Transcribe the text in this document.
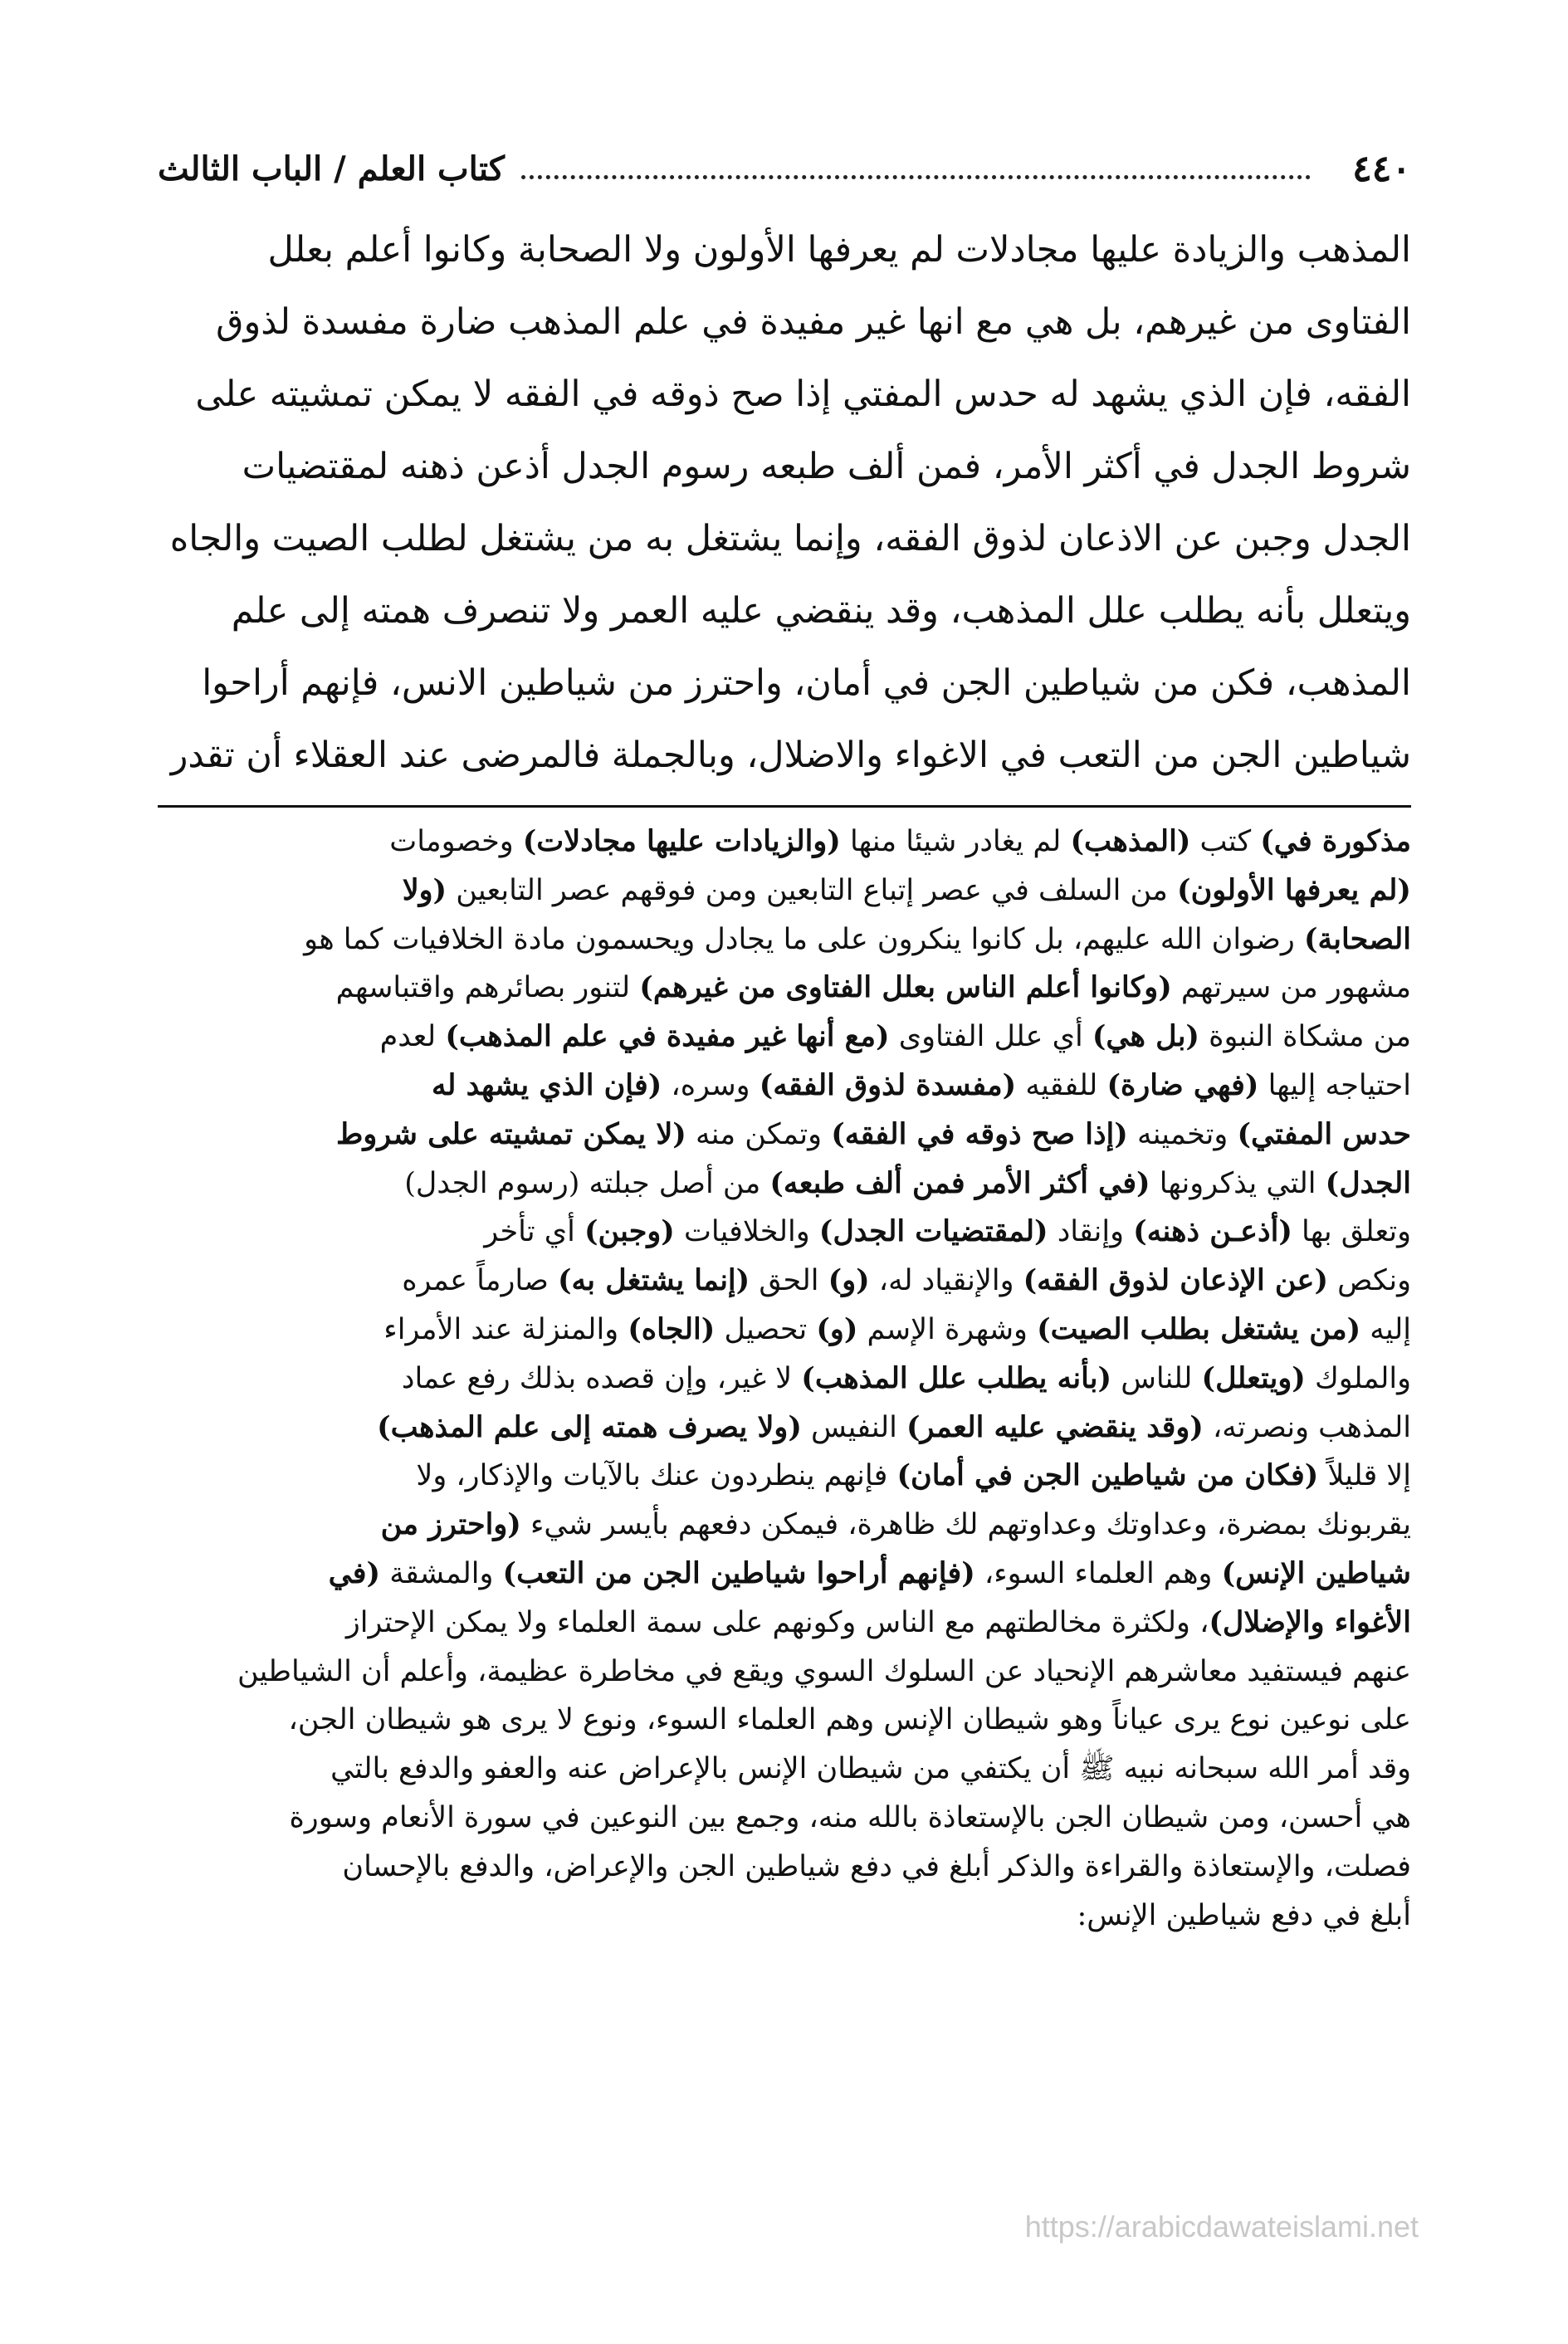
٤٤٠
كتاب العلم / الباب الثالث
المذهب والزيادة عليها مجادلات لم يعرفها الأولون ولا الصحابة وكانوا أعلم بعلل
الفتاوى من غيرهم، بل هي مع انها غير مفيدة في علم المذهب ضارة مفسدة لذوق
الفقه، فإن الذي يشهد له حدس المفتي إذا صح ذوقه في الفقه لا يمكن تمشيته على
شروط الجدل في أكثر الأمر، فمن ألف طبعه رسوم الجدل أذعن ذهنه لمقتضيات
الجدل وجبن عن الاذعان لذوق الفقه، وإنما يشتغل به من يشتغل لطلب الصيت والجاه
ويتعلل بأنه يطلب علل المذهب، وقد ينقضي عليه العمر ولا تنصرف همته إلى علم
المذهب، فكن من شياطين الجن في أمان، واحترز من شياطين الانس، فإنهم أراحوا
شياطين الجن من التعب في الاغواء والاضلال، وبالجملة فالمرضى عند العقلاء أن تقدر
مذكورة في) كتب (المذهب) لم يغادر شيئا منها (والزيادات عليها مجادلات) وخصومات
(لم يعرفها الأولون) من السلف في عصر إتباع التابعين ومن فوقهم عصر التابعين (ولا
الصحابة) رضوان الله عليهم، بل كانوا ينكرون على ما يجادل ويحسمون مادة الخلافيات كما هو
مشهور من سيرتهم (وكانوا أعلم الناس بعلل الفتاوى من غيرهم) لتنور بصائرهم واقتباسهم
من مشكاة النبوة (بل هي) أي علل الفتاوى (مع أنها غير مفيدة في علم المذهب) لعدم
احتياجه إليها (فهي ضارة) للفقيه (مفسدة لذوق الفقه) وسره، (فإن الذي يشهد له
حدس المفتي) وتخمينه (إذا صح ذوقه في الفقه) وتمكن منه (لا يمكن تمشيته على شروط
الجدل) التي يذكرونها (في أكثر الأمر فمن ألف طبعه) من أصل جبلته (رسوم الجدل)
وتعلق بها (أذعـن ذهنه) وإنقاد (لمقتضيات الجدل) والخلافيات (وجبن) أي تأخر
ونكص (عن الإذعان لذوق الفقه) والإنقياد له، (و) الحق (إنما يشتغل به) صارماً عمره
إليه (من يشتغل بطلب الصيت) وشهرة الإسم (و) تحصيل (الجاه) والمنزلة عند الأمراء
والملوك (ويتعلل) للناس (بأنه يطلب علل المذهب) لا غير، وإن قصده بذلك رفع عماد
المذهب ونصرته، (وقد ينقضي عليه العمر) النفيس (ولا يصرف همته إلى علم المذهب)
إلا قليلاً (فكان من شياطين الجن في أمان) فإنهم ينطردون عنك بالآيات والإذكار، ولا
يقربونك بمضرة، وعداوتك وعداوتهم لك ظاهرة، فيمكن دفعهم بأيسر شيء (واحترز من
شياطين الإنس) وهم العلماء السوء، (فإنهم أراحوا شياطين الجن من التعب) والمشقة (في
الأغواء والإضلال)، ولكثرة مخالطتهم مع الناس وكونهم على سمة العلماء ولا يمكن الإحتراز
عنهم فيستفيد معاشرهم الإنحياد عن السلوك السوي ويقع في مخاطرة عظيمة، وأعلم أن الشياطين
على نوعين نوع يرى عياناً وهو شيطان الإنس وهم العلماء السوء، ونوع لا يرى هو شيطان الجن،
وقد أمر الله سبحانه نبيه ﷺ أن يكتفي من شيطان الإنس بالإعراض عنه والعفو والدفع بالتي
هي أحسن، ومن شيطان الجن بالإستعاذة بالله منه، وجمع بين النوعين في سورة الأنعام وسورة
فصلت، والإستعاذة والقراءة والذكر أبلغ في دفع شياطين الجن والإعراض، والدفع بالإحسان
أبلغ في دفع شياطين الإنس:
https://arabicdawateislami.net
